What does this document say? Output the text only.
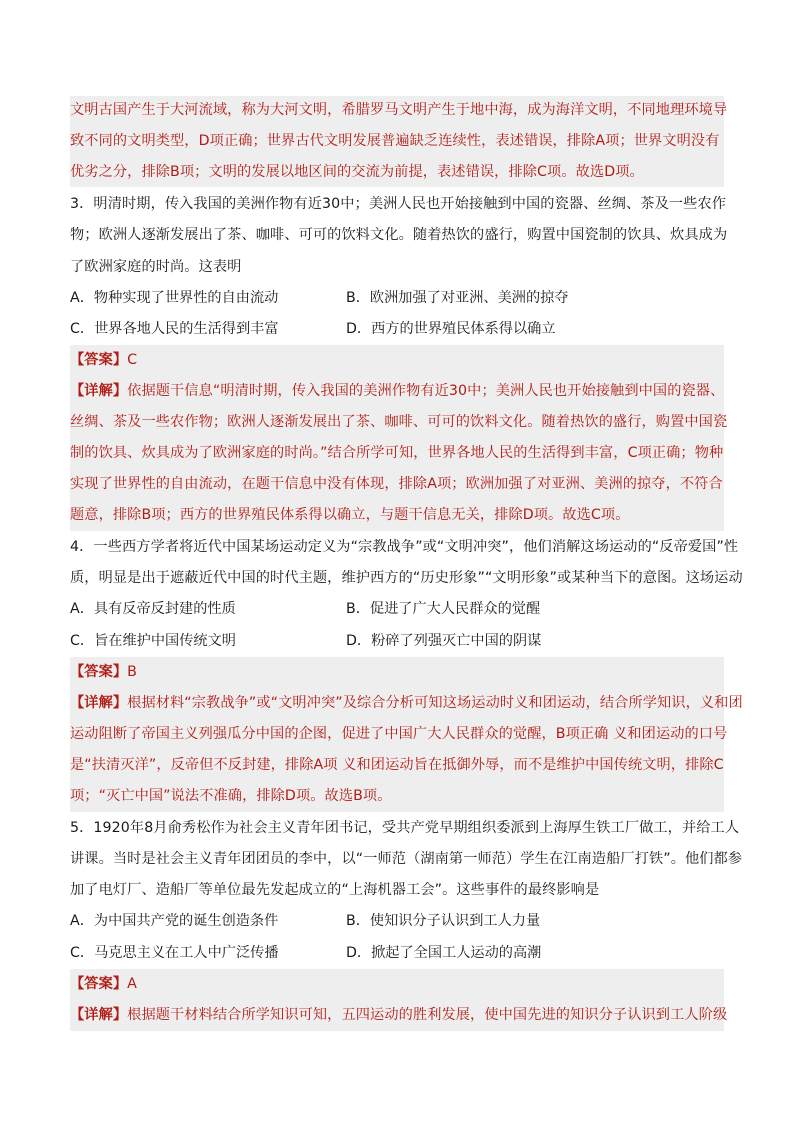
文明古国产生于大河流域，称为大河文明，希腊罗马文明产生于地中海，成为海洋文明，不同地理环境导
致不同的文明类型，D项正确；世界古代文明发展普遍缺乏连续性，表述错误，排除A项；世界文明没有
优劣之分，排除B项；文明的发展以地区间的交流为前提，表述错误，排除C项。故选D项。
3．明清时期，传入我国的美洲作物有近30中；美洲人民也开始接触到中国的瓷器、丝绸、茶及一些农作
物；欧洲人逐渐发展出了茶、咖啡、可可的饮料文化。随着热饮的盛行，购置中国瓷制的饮具、炊具成为
了欧洲家庭的时尚。这表明
A．物种实现了世界性的自由流动	B．欧洲加强了对亚洲、美洲的掠夺
C．世界各地人民的生活得到丰富	D．西方的世界殖民体系得以确立
【答案】C
【详解】依据题干信息“明清时期，传入我国的美洲作物有近30中；美洲人民也开始接触到中国的瓷器、
丝绸、茶及一些农作物；欧洲人逐渐发展出了茶、咖啡、可可的饮料文化。随着热饮的盛行，购置中国瓷
制的饮具、炊具成为了欧洲家庭的时尚。”结合所学可知，世界各地人民的生活得到丰富，C项正确；物种
实现了世界性的自由流动，在题干信息中没有体现，排除A项；欧洲加强了对亚洲、美洲的掠夺，不符合
题意，排除B项；西方的世界殖民体系得以确立，与题干信息无关，排除D项。故选C项。
4．一些西方学者将近代中国某场运动定义为“宗教战争”或“文明冲突”，他们消解这场运动的“反帝爱国”性
质，明显是出于遮蔽近代中国的时代主题，维护西方的“历史形象”“文明形象”或某种当下的意图。这场运动
A．具有反帝反封建的性质	B．促进了广大人民群众的觉醒
C．旨在维护中国传统文明	D．粉碎了列强灭亡中国的阴谋
【答案】B
【详解】根据材料“宗教战争”或“文明冲突”及综合分析可知这场运动时义和团运动，结合所学知识，义和团
运动阻断了帝国主义列强瓜分中国的企图，促进了中国广大人民群众的觉醒，B项正确 义和团运动的口号
是“扶清灭洋”，反帝但不反封建，排除A项 义和团运动旨在抵御外辱，而不是维护中国传统文明，排除C
项；“灭亡中国”说法不准确，排除D项。故选B项。
5．1920年8月俞秀松作为社会主义青年团书记，受共产党早期组织委派到上海厚生铁工厂做工，并给工人
讲课。当时是社会主义青年团团员的李中，以“一师范（湖南第一师范）学生在江南造船厂打铁”。他们都参
加了电灯厂、造船厂等单位最先发起成立的“上海机器工会”。这些事件的最终影响是
A．为中国共产党的诞生创造条件	B．使知识分子认识到工人力量
C．马克思主义在工人中广泛传播	D．掀起了全国工人运动的高潮
【答案】A
【详解】根据题干材料结合所学知识可知，五四运动的胜利发展，使中国先进的知识分子认识到工人阶级
